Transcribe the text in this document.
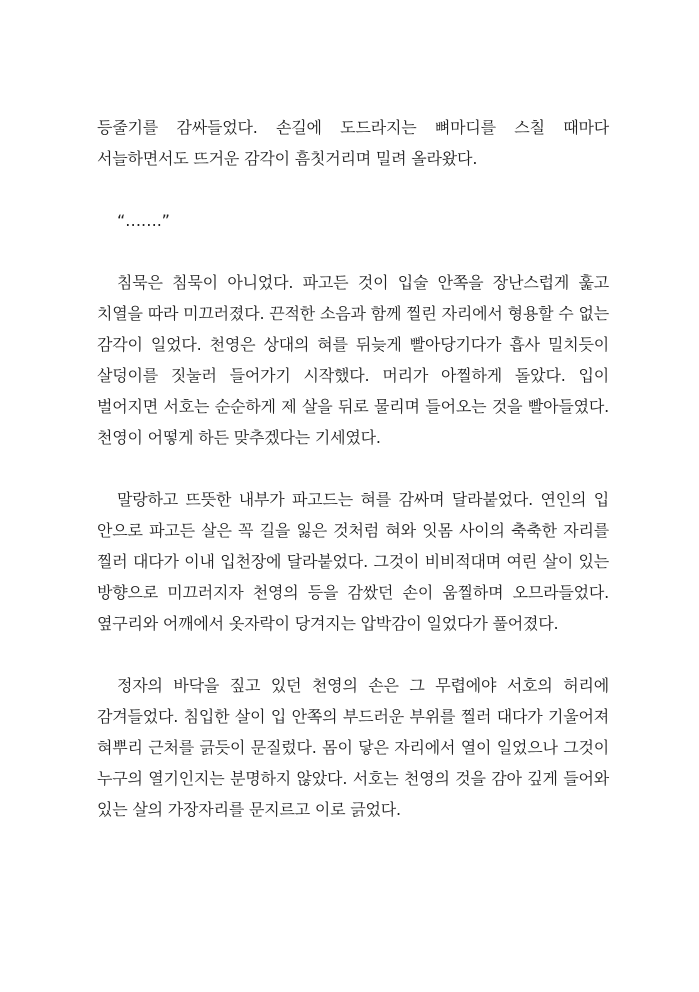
등줄기를 감싸들었다. 손길에 도드라지는 뼈마디를 스칠 때마다 서늘하면서도 뜨거운 감각이 흠칫거리며 밀려 올라왔다.

“…….”

침묵은 침묵이 아니었다. 파고든 것이 입술 안쪽을 장난스럽게 훑고 치열을 따라 미끄러졌다. 끈적한 소음과 함께 찔린 자리에서 형용할 수 없는 감각이 일었다. 천영은 상대의 혀를 뒤늦게 빨아당기다가 흡사 밀치듯이 살덩이를 짓눌러 들어가기 시작했다. 머리가 아찔하게 돌았다. 입이 벌어지면 서호는 순순하게 제 살을 뒤로 물리며 들어오는 것을 빨아들였다. 천영이 어떻게 하든 맞추겠다는 기세였다.

말랑하고 뜨뜻한 내부가 파고드는 혀를 감싸며 달라붙었다. 연인의 입 안으로 파고든 살은 꼭 길을 잃은 것처럼 혀와 잇몸 사이의 축축한 자리를 찔러 대다가 이내 입천장에 달라붙었다. 그것이 비비적대며 여린 살이 있는 방향으로 미끄러지자 천영의 등을 감쌌던 손이 움찔하며 오므라들었다. 옆구리와 어깨에서 옷자락이 당겨지는 압박감이 일었다가 풀어졌다.

정자의 바닥을 짚고 있던 천영의 손은 그 무렵에야 서호의 허리에 감겨들었다. 침입한 살이 입 안쪽의 부드러운 부위를 찔러 대다가 기울어져 혀뿌리 근처를 긁듯이 문질렀다. 몸이 닿은 자리에서 열이 일었으나 그것이 누구의 열기인지는 분명하지 않았다. 서호는 천영의 것을 감아 깊게 들어와 있는 살의 가장자리를 문지르고 이로 긁었다.
